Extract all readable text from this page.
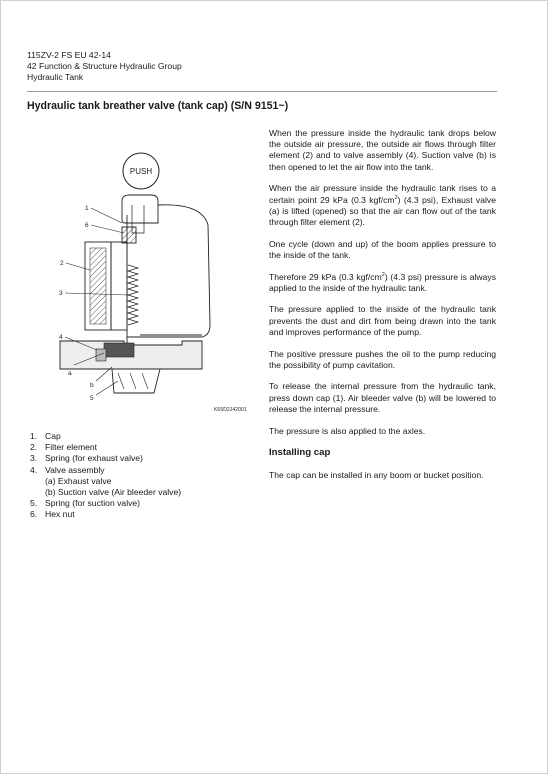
115ZV-2 FS EU 42-14
42 Function & Structure Hydraulic Group
Hydraulic Tank
Hydraulic tank breather valve (tank cap) (S/N 9151~)
PUSH
1
6
2
3
4
a
b
5
K65D2J42001
1. Cap
2. Filter element
3. Spring (for exhaust valve)
4. Valve assembly
(a) Exhaust valve
(b) Suction valve (Air bleeder valve)
5. Spring (for suction valve)
6. Hex nut

When the pressure inside the hydraulic tank drops below the outside air pressure, the outside air flows through filter element (2) and to valve assembly (4). Suction valve (b) is then opened to let the air flow into the tank.

When the air pressure inside the hydraulic tank rises to a certain point 29 kPa (0.3 kgf/$cm^2$) (4.3 psi), Exhaust valve (a) is lifted (opened) so that the air can flow out of the tank through filter element (2).

One cycle (down and up) of the boom applies pressure to the inside of the tank.

Therefore 29 kPa (0.3 kgf/$cm^2$) (4.3 psi) pressure is always applied to the inside of the hydraulic tank.

The pressure applied to the inside of the hydraulic tank prevents the dust and dirt from being drawn into the tank and improves performance of the pump.

The positive pressure pushes the oil to the pump reducing the possibility of pump cavitation.

To release the internal pressure from the hydraulic tank, press down cap (1). Air bleeder valve (b) will be lowered to release the internal pressure.

The pressure is also applied to the axles.

Installing cap

The cap can be installed in any boom or bucket position.
